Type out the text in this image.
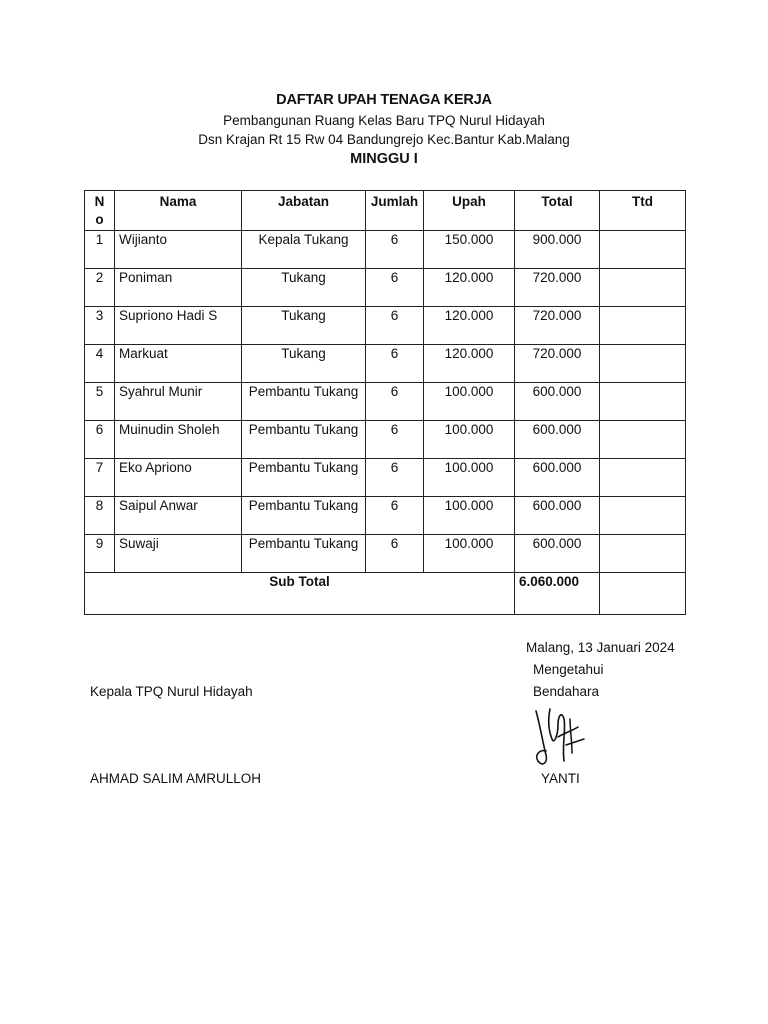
DAFTAR UPAH TENAGA KERJA
Pembangunan Ruang Kelas Baru TPQ Nurul Hidayah
Dsn Krajan Rt 15 Rw 04 Bandungrejo Kec.Bantur Kab.Malang
MINGGU I
N o	Nama	Jabatan	Jumlah	Upah	Total	Ttd
1	Wijianto	Kepala Tukang	6	150.000	900.000	
2	Poniman	Tukang	6	120.000	720.000	
3	Supriono Hadi S	Tukang	6	120.000	720.000	
4	Markuat	Tukang	6	120.000	720.000	
5	Syahrul Munir	Pembantu Tukang	6	100.000	600.000	
6	Muinudin Sholeh	Pembantu Tukang	6	100.000	600.000	
7	Eko Apriono	Pembantu Tukang	6	100.000	600.000	
8	Saipul Anwar	Pembantu Tukang	6	100.000	600.000	
9	Suwaji	Pembantu Tukang	6	100.000	600.000	
Sub Total					6.060.000	
Malang, 13 Januari 2024
Mengetahui
Bendahara
Kepala TPQ Nurul Hidayah
AHMAD SALIM AMRULLOH	YANTI
